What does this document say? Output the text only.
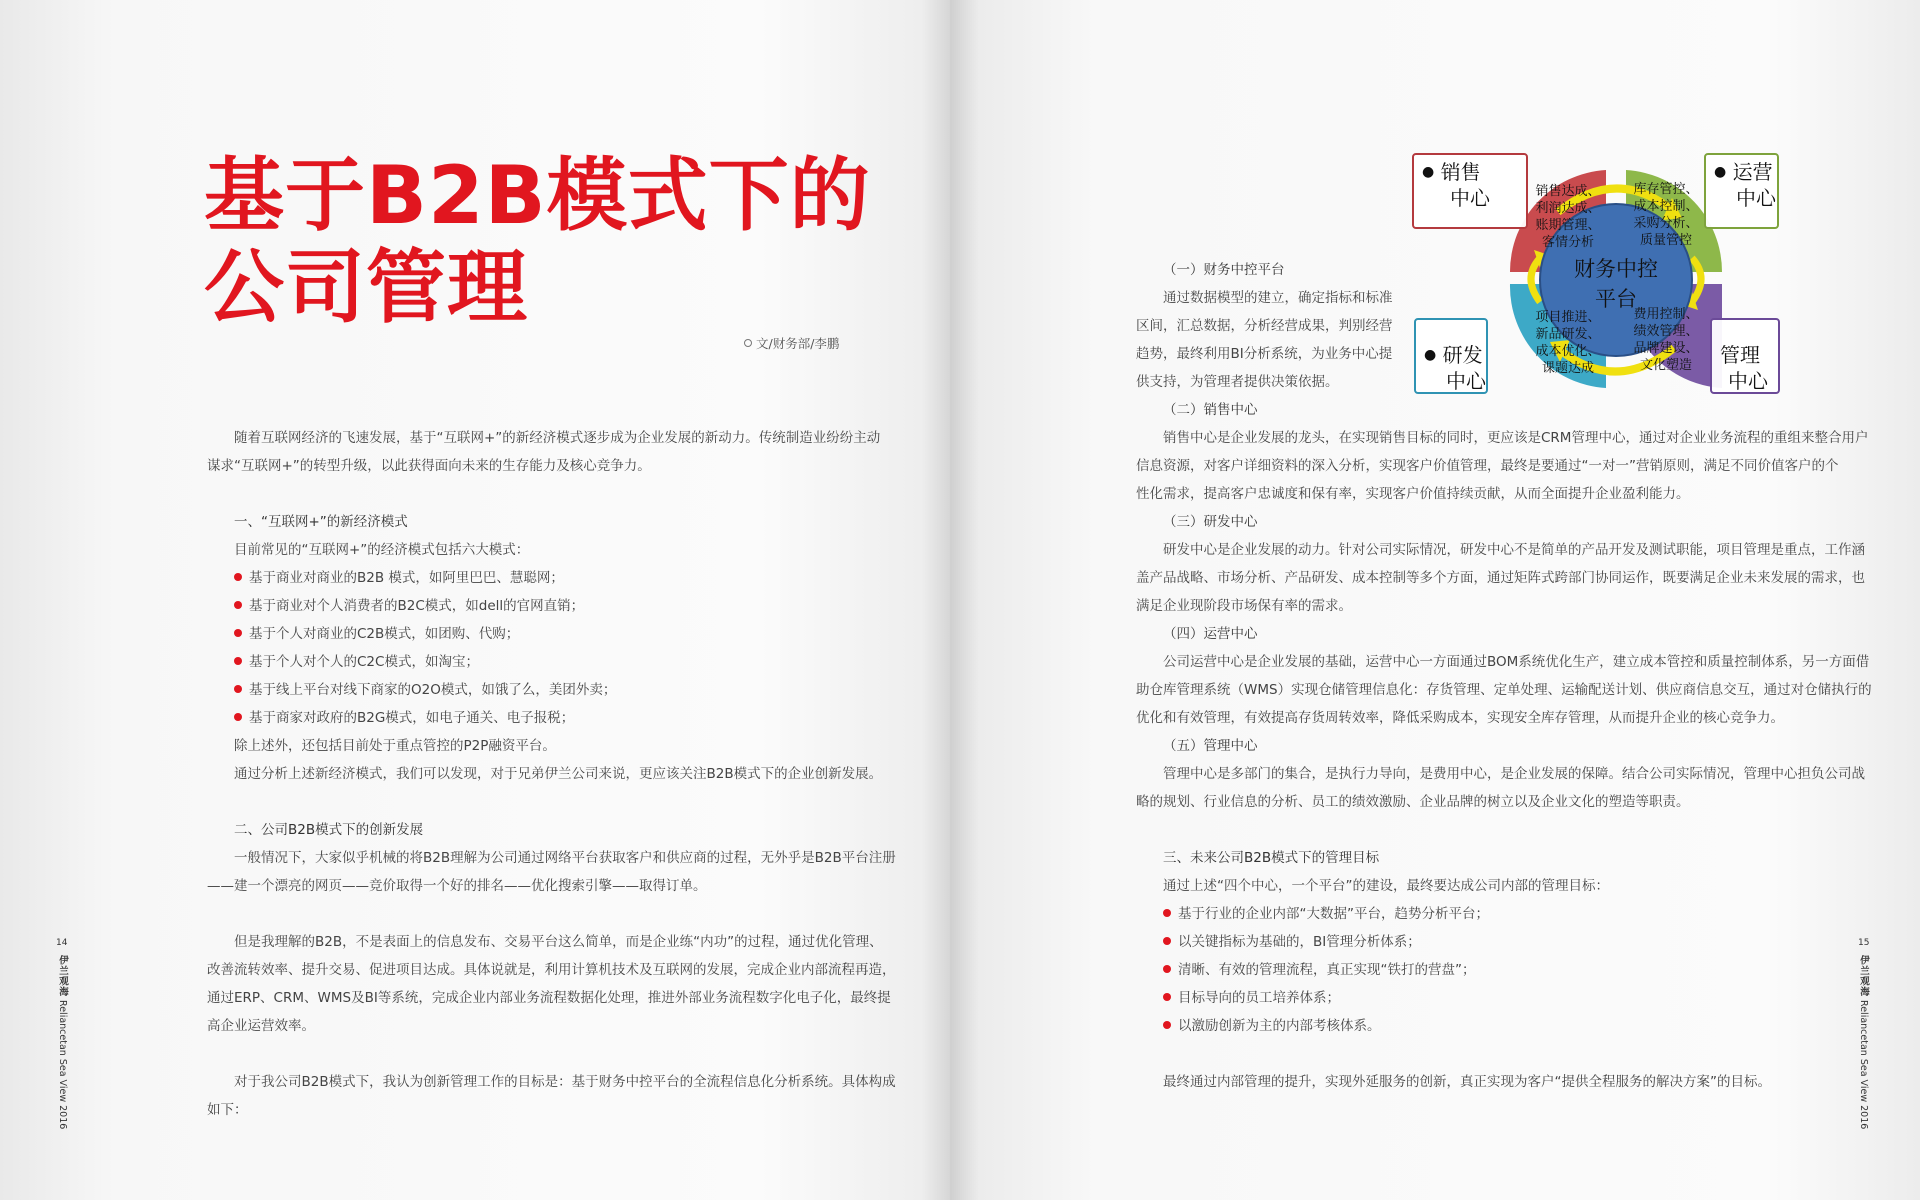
基于B2B模式下的
公司管理
文/财务部/李鹏
随着互联网经济的飞速发展，基于“互联网+”的新经济模式逐步成为企业发展的新动力。传统制造业纷纷主动
谋求“互联网+”的转型升级，以此获得面向未来的生存能力及核心竞争力。
一、“互联网+”的新经济模式
目前常见的“互联网+”的经济模式包括六大模式：
基于商业对商业的B2B 模式，如阿里巴巴、慧聪网；
基于商业对个人消费者的B2C模式，如dell的官网直销；
基于个人对商业的C2B模式，如团购、代购；
基于个人对个人的C2C模式，如淘宝；
基于线上平台对线下商家的O2O模式，如饿了么，美团外卖；
基于商家对政府的B2G模式，如电子通关、电子报税；
除上述外，还包括目前处于重点管控的P2P融资平台。
通过分析上述新经济模式，我们可以发现，对于兄弟伊兰公司来说，更应该关注B2B模式下的企业创新发展。
二、公司B2B模式下的创新发展
一般情况下，大家似乎机械的将B2B理解为公司通过网络平台获取客户和供应商的过程，无外乎是B2B平台注册
——建一个漂亮的网页——竞价取得一个好的排名——优化搜索引擎——取得订单。
但是我理解的B2B，不是表面上的信息发布、交易平台这么简单，而是企业练“内功”的过程，通过优化管理、
改善流转效率、提升交易、促进项目达成。具体说就是，利用计算机技术及互联网的发展，完成企业内部流程再造，
通过ERP、CRM、WMS及BI等系统，完成企业内部业务流程数据化处理，推进外部业务流程数字化电子化，最终提
高企业运营效率。
对于我公司B2B模式下，我认为创新管理工作的目标是：基于财务中控平台的全流程信息化分析系统。具体构成
如下：
14
伊兰观海 Reliancetan Sea View 2016
财务中控
平台
销售达成、
利润达成、
账期管理、
客情分析
库存管控、
成本控制、
采购分析、
质量管控
项目推进、
新品研发、
成本优化、
课题达成
费用控制、
绩效管理、
品牌建设、
文化塑造
● 销售
中心
● 运营
中心
● 研发
中心
管理
中心
（一）财务中控平台
通过数据模型的建立，确定指标和标准
区间，汇总数据，分析经营成果，判别经营
趋势，最终利用BI分析系统，为业务中心提
供支持，为管理者提供决策依据。
（二）销售中心
销售中心是企业发展的龙头，在实现销售目标的同时，更应该是CRM管理中心，通过对企业业务流程的重组来整合用户
信息资源，对客户详细资料的深入分析，实现客户价值管理，最终是要通过“一对一”营销原则，满足不同价值客户的个
性化需求，提高客户忠诚度和保有率，实现客户价值持续贡献，从而全面提升企业盈利能力。
（三）研发中心
研发中心是企业发展的动力。针对公司实际情况，研发中心不是简单的产品开发及测试职能，项目管理是重点，工作涵
盖产品战略、市场分析、产品研发、成本控制等多个方面，通过矩阵式跨部门协同运作，既要满足企业未来发展的需求，也
满足企业现阶段市场保有率的需求。
（四）运营中心
公司运营中心是企业发展的基础，运营中心一方面通过BOM系统优化生产，建立成本管控和质量控制体系，另一方面借
助仓库管理系统（WMS）实现仓储管理信息化：存货管理、定单处理、运输配送计划、供应商信息交互，通过对仓储执行的
优化和有效管理，有效提高存货周转效率，降低采购成本，实现安全库存管理，从而提升企业的核心竞争力。
（五）管理中心
管理中心是多部门的集合，是执行力导向，是费用中心，是企业发展的保障。结合公司实际情况，管理中心担负公司战
略的规划、行业信息的分析、员工的绩效激励、企业品牌的树立以及企业文化的塑造等职责。
三、未来公司B2B模式下的管理目标
通过上述“四个中心，一个平台”的建设，最终要达成公司内部的管理目标：
基于行业的企业内部“大数据”平台，趋势分析平台；
以关键指标为基础的，BI管理分析体系；
清晰、有效的管理流程，真正实现“铁打的营盘”；
目标导向的员工培养体系；
以激励创新为主的内部考核体系。
最终通过内部管理的提升，实现外延服务的创新，真正实现为客户“提供全程服务的解决方案”的目标。
15
伊兰观海 Reliancetan Sea View 2016
